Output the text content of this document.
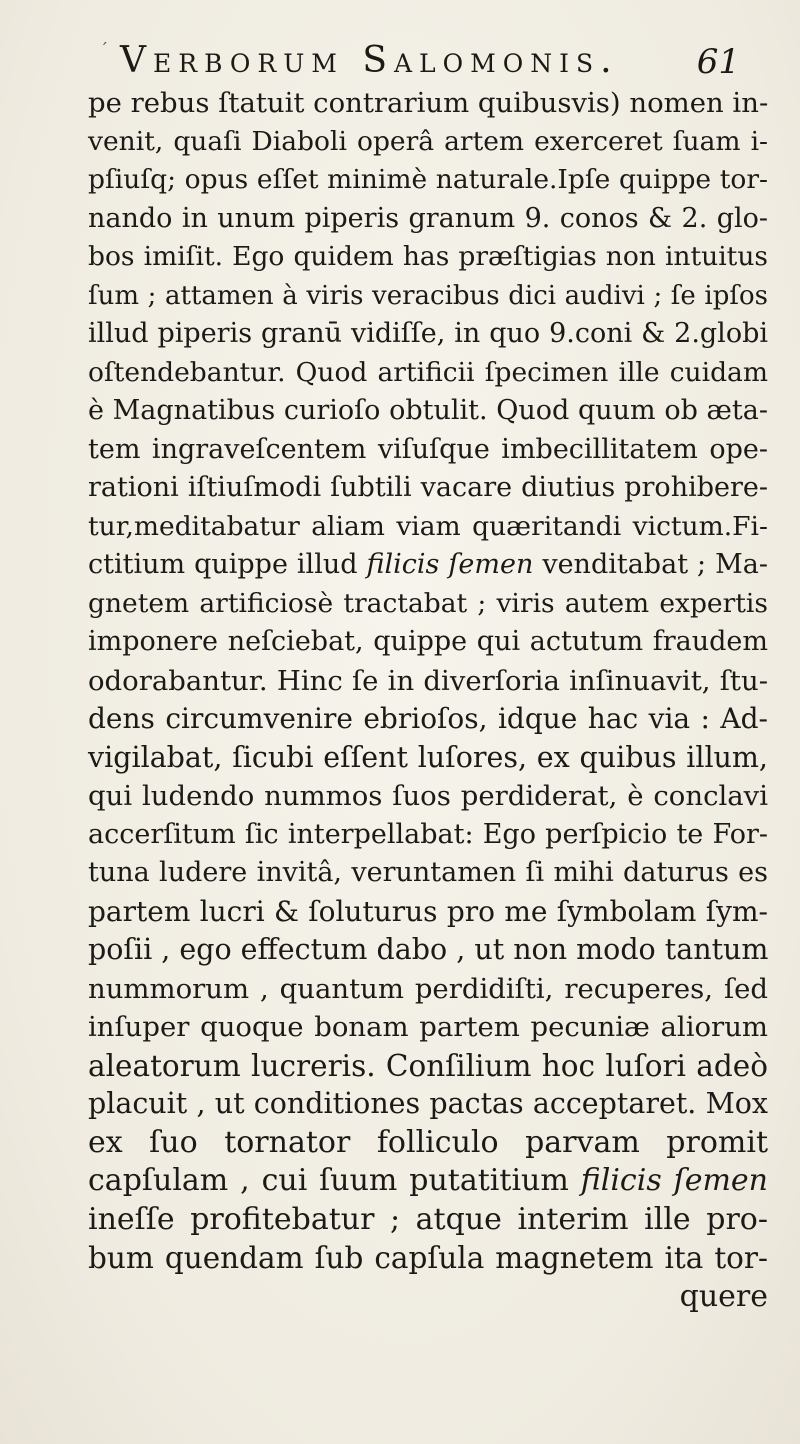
´ Verborum Salomonis. 61
pe rebus ſtatuit contrarium quibusvis) nomen in-
venit, quaſi Diaboli operâ artem exerceret ſuam i-
pſiuſq; opus eſſet minimè naturale.Ipſe quippe tor-
nando in unum piperis granum 9. conos & 2. glo-
bos imiſit. Ego quidem has præſtigias non intuitus
ſum ; attamen à viris veracibus dici audivi ; ſe ipſos
illud piperis granū vidiſſe, in quo 9.coni & 2.globi
oſtendebantur. Quod artificii ſpecimen ille cuidam
è Magnatibus curioſo obtulit. Quod quum ob æta-
tem ingraveſcentem viſuſque imbecillitatem ope-
rationi iſtiuſmodi ſubtili vacare diutius prohibere-
tur,meditabatur aliam viam quæritandi victum.Fi-
ctitium quippe illud filicis ſemen venditabat ; Ma-
gnetem artificiosè tractabat ; viris autem expertis
imponere neſciebat, quippe qui actutum fraudem
odorabantur. Hinc ſe in diverſoria inſinuavit, ſtu-
dens circumvenire ebrioſos, idque hac via : Ad-
vigilabat, ſicubi eſſent luſores, ex quibus illum,
qui ludendo nummos ſuos perdiderat, è conclavi
accerſitum ſic interpellabat: Ego perſpicio te For-
tuna ludere invitâ, veruntamen ſi mihi daturus es
partem lucri & ſoluturus pro me ſymbolam ſym-
poſii , ego effectum dabo , ut non modo tantum
nummorum , quantum perdidiſti, recuperes, ſed
inſuper quoque bonam partem pecuniæ aliorum
aleatorum lucreris. Conſilium hoc luſori adeò
placuit , ut conditiones pactas acceptaret. Mox
ex ſuo tornator folliculo parvam promit
capſulam , cui ſuum putatitium filicis ſemen
ineſſe profitebatur ; atque interim ille pro-
bum quendam ſub capſula magnetem ita tor-
quere
